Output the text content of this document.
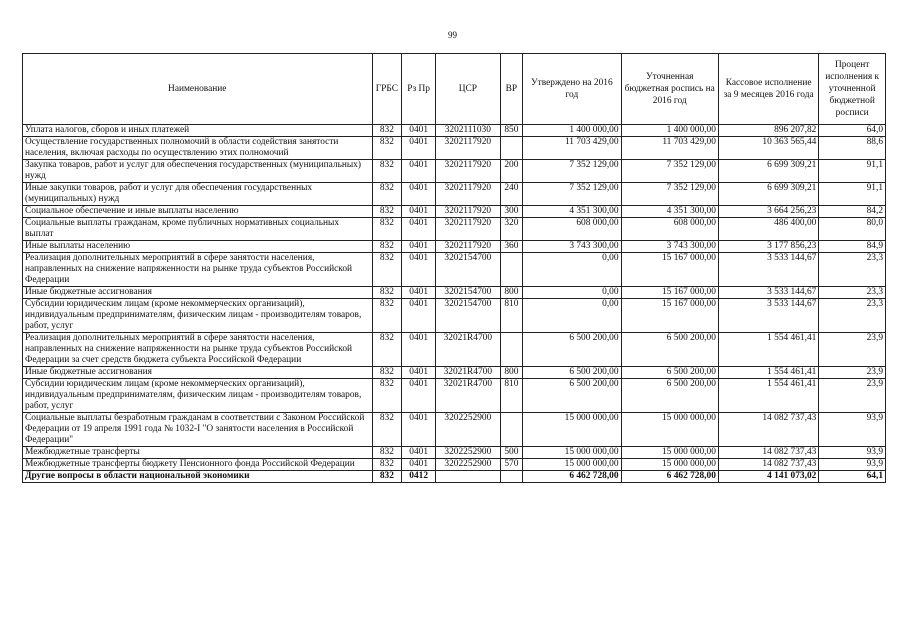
99
Наименование	ГРБС	Рз Пр	ЦСР	ВР	Утверждено на 2016 год	Уточненная бюджетная роспись на 2016 год	Кассовое исполнение за 9 месяцев 2016 года	Процент исполнения к уточненной бюджетной росписи
Уплата налогов, сборов и иных платежей	832	0401	3202111030	850	1 400 000,00	1 400 000,00	896 207,82	64,0
Осуществление государственных полномочий в области содействия занятости населения, включая расходы по осуществлению этих полномочий	832	0401	3202117920		11 703 429,00	11 703 429,00	10 363 565,44	88,6
Закупка товаров, работ и услуг для обеспечения государственных (муниципальных) нужд	832	0401	3202117920	200	7 352 129,00	7 352 129,00	6 699 309,21	91,1
Иные закупки товаров, работ и услуг для обеспечения государственных (муниципальных) нужд	832	0401	3202117920	240	7 352 129,00	7 352 129,00	6 699 309,21	91,1
Социальное обеспечение и иные выплаты населению	832	0401	3202117920	300	4 351 300,00	4 351 300,00	3 664 256,23	84,2
Социальные выплаты гражданам, кроме публичных нормативных социальных выплат	832	0401	3202117920	320	608 000,00	608 000,00	486 400,00	80,0
Иные выплаты населению	832	0401	3202117920	360	3 743 300,00	3 743 300,00	3 177 856,23	84,9
Реализация дополнительных мероприятий в сфере занятости населения, направленных на снижение напряженности на рынке труда субъектов Российской Федерации	832	0401	3202154700		0,00	15 167 000,00	3 533 144,67	23,3
Иные бюджетные ассигнования	832	0401	3202154700	800	0,00	15 167 000,00	3 533 144,67	23,3
Субсидии юридическим лицам (кроме некоммерческих организаций), индивидуальным предпринимателям, физическим лицам - производителям товаров, работ, услуг	832	0401	3202154700	810	0,00	15 167 000,00	3 533 144,67	23,3
Реализация дополнительных мероприятий в сфере занятости населения, направленных на снижение напряженности на рынке труда субъектов Российской Федерации за счет средств бюджета субъекта Российской Федерации	832	0401	32021R4700		6 500 200,00	6 500 200,00	1 554 461,41	23,9
Иные бюджетные ассигнования	832	0401	32021R4700	800	6 500 200,00	6 500 200,00	1 554 461,41	23,9
Субсидии юридическим лицам (кроме некоммерческих организаций), индивидуальным предпринимателям, физическим лицам - производителям товаров, работ, услуг	832	0401	32021R4700	810	6 500 200,00	6 500 200,00	1 554 461,41	23,9
Социальные выплаты безработным гражданам в соответствии с Законом Российской Федерации от 19 апреля 1991 года № 1032-I "О занятости населения в Российской Федерации"	832	0401	3202252900		15 000 000,00	15 000 000,00	14 082 737,43	93,9
Межбюджетные трансферты	832	0401	3202252900	500	15 000 000,00	15 000 000,00	14 082 737,43	93,9
Межбюджетные трансферты бюджету Пенсионного фонда Российской Федерации	832	0401	3202252900	570	15 000 000,00	15 000 000,00	14 082 737,43	93,9
Другие вопросы в области национальной экономики	832	0412			6 462 728,00	6 462 728,00	4 141 073,02	64,1
